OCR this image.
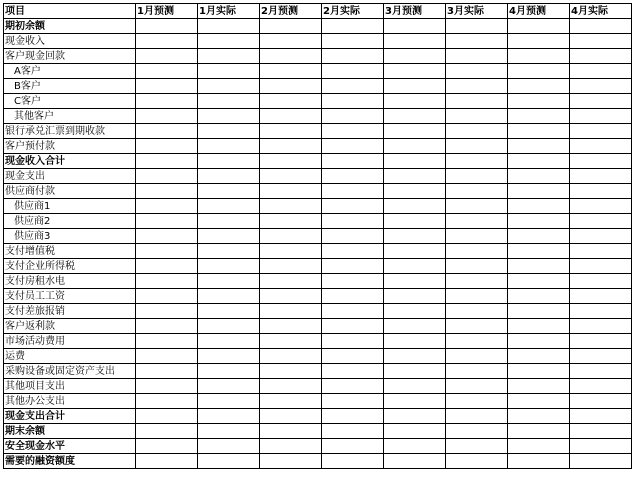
项目	1月预测	1月实际	2月预测	2月实际	3月预测	3月实际	4月预测	4月实际
期初余额								
现金收入								
客户现金回款								
A客户								
B客户								
C客户								
其他客户								
银行承兑汇票到期收款								
客户预付款								
现金收入合计								
现金支出								
供应商付款								
供应商1								
供应商2								
供应商3								
支付增值税								
支付企业所得税								
支付房租水电								
支付员工工资								
支付差旅报销								
客户返利款								
市场活动费用								
运费								
采购设备或固定资产支出								
其他项目支出								
其他办公支出								
现金支出合计								
期末余额								
安全现金水平								
需要的融资额度								
